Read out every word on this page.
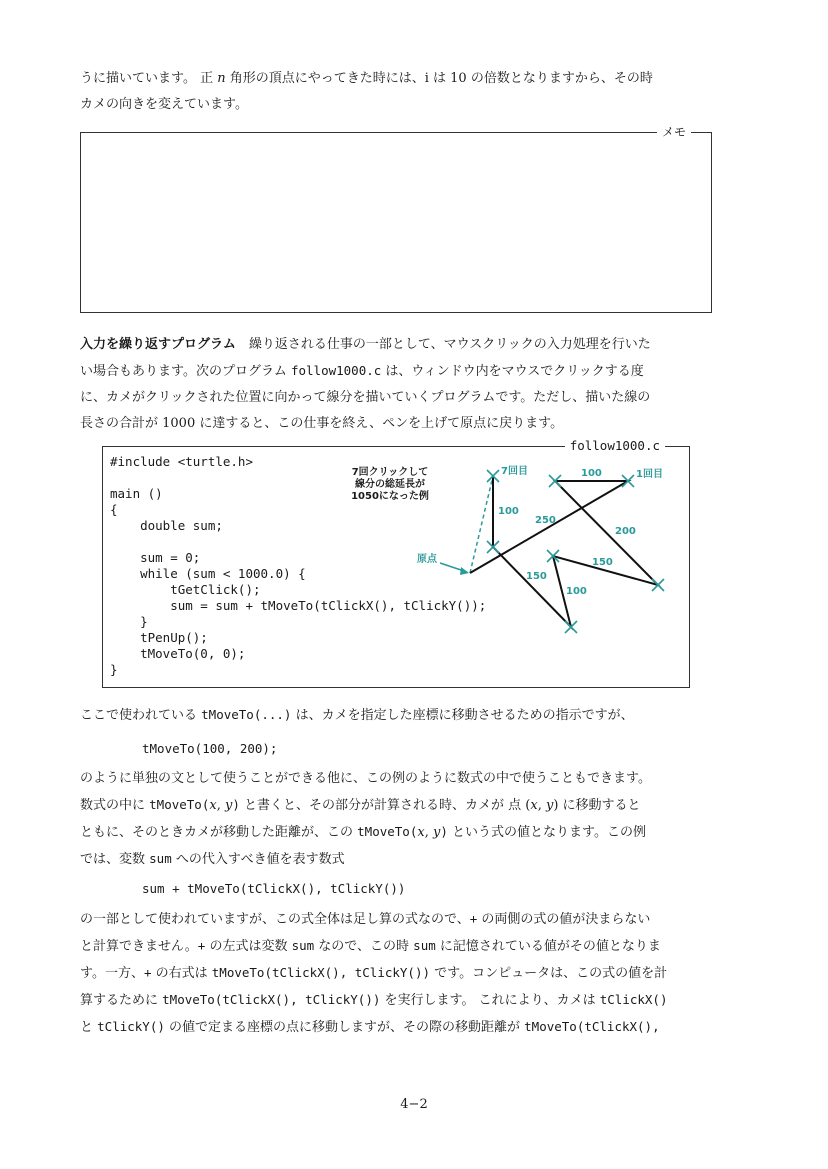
うに描いています。 正 n 角形の頂点にやってきた時には、i は 10 の倍数となりますから、その時
カメの向きを変えています。
メモ
入力を繰り返すプログラム　繰り返される仕事の一部として、マウスクリックの入力処理を行いた
い場合もあります。次のプログラム follow1000.c は、ウィンドウ内をマウスでクリックする度
に、カメがクリックされた位置に向かって線分を描いていくプログラムです。ただし、描いた線の
長さの合計が 1000 に達すると、この仕事を終え、ペンを上げて原点に戻ります。
follow1000.c
#include <turtle.h>
main ()
{
double sum;
sum = 0;
while (sum < 1000.0) {
tGetClick();
sum = sum + tMoveTo(tClickX(), tClickY());
}
tPenUp();
tMoveTo(0, 0);
}
7回クリックして
線分の総延長が
1050になった例
原点
1回目
7回目	100
200
150
100
150
250
100
ここで使われている tMoveTo(...) は、カメを指定した座標に移動させるための指示ですが、
tMoveTo(100, 200);
のように単独の文として使うことができる他に、この例のように数式の中で使うこともできます。
数式の中に tMoveTo(x, y) と書くと、その部分が計算される時、カメが 点 (x, y) に移動すると
ともに、そのときカメが移動した距離が、この tMoveTo(x, y) という式の値となります。この例
では、変数 sum への代入すべき値を表す数式
sum + tMoveTo(tClickX(), tClickY())
の一部として使われていますが、この式全体は足し算の式なので、+ の両側の式の値が決まらない
と計算できません。+ の左式は変数 sum なので、この時 sum に記憶されている値がその値となりま
す。一方、+ の右式は tMoveTo(tClickX(), tClickY()) です。コンピュータは、この式の値を計
算するために tMoveTo(tClickX(), tClickY()) を実行します。 これにより、カメは tClickX()
と tClickY() の値で定まる座標の点に移動しますが、その際の移動距離が tMoveTo(tClickX(),
4−2
